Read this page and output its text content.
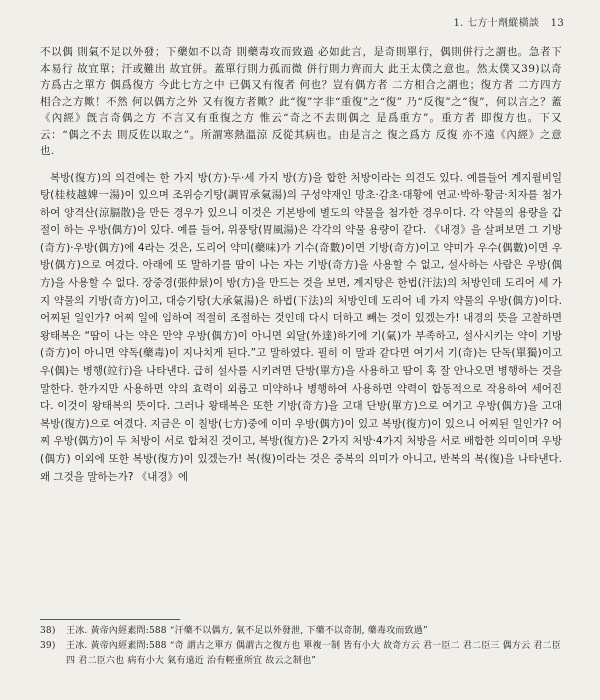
1. 七方十劑縱橫談 13

不以偶 則氣不足以外發；下藥如不以奇 則藥毒攻而致過 必如此言，是奇則單行，偶則併行之謂也。急者下 本易行 故宜單；汗或難出 故宜併。蓋單行則力孤而微 併行則力齊而大 此王太僕之意也。然太僕又39)以奇方爲古之單方 偶爲復方 今此七方之中 已偶又有復者 何也？豈有偶方者 二方相合之謂也；復方者 二方四方相合之方歟！不然 何以偶方之外 又有復方者歟？此“復”字非“重復”之“復” 乃“反復”之“復”，何以言之？蓋《內經》旣言奇偶之方 不言又有重復之方 惟云“奇之不去則偶之 是爲重方”。重方者 即復方也。下又云：“偶之不去 則反佐以取之”。所謂寒熱溫涼 反從其病也。由是言之 復之爲方 反復 亦不遠《內經》之意也.

복방(復方)의 의견에는 한 가지 방(方)·두·세 가지 방(方)을 합한 처방이라는 의견도 있다. 예를들어 계지월비일탕(桂枝越婢一湯)이 있으며 조위승기탕(調胃承氣湯)의 구성약재인 망초·감초·대황에 연교·박하·황금·치자를 첨가하여 양격산(涼膈散)을 만든 경우가 있으니 이것은 기본방에 별도의 약물을 첨가한 경우이다. 각 약물의 용량을 갑절이 하는 우방(偶方)이 있다. 예를 들어, 위풍탕(胃風湯)은 각각의 약물 용량이 같다. 《내경》을 살펴보면 그 기방(奇方)·우방(偶方)에 4라는 것은, 도리어 약미(藥味)가 기수(奇數)이면 기방(奇方)이고 약미가 우수(偶數)이면 우방(偶方)으로 여겼다. 아래에 또 말하기를 땀이 나는 자는 기방(奇方)을 사용할 수 없고, 설사하는 사람은 우방(偶方)을 사용할 수 없다. 장중경(張仲景)이 방(方)을 만드는 것을 보면, 계지탕은 한법(汗法)의 처방인데 도리어 세 가지 약물의 기방(奇方)이고, 대승기탕(大承氣湯)은 하법(下法)의 처방인데 도리어 네 가지 약물의 우방(偶方)이다. 어찌된 일인가? 어찌 일에 임하여 적절히 조절하는 것인데 다시 더하고 빼는 것이 있겠는가! 내경의 뜻을 고찰하면 왕태복은 “땀이 나는 약은 만약 우방(偶方)이 아니면 외달(外達)하기에 기(氣)가 부족하고, 설사시키는 약이 기방(奇方)이 아니면 약독(藥毒)이 지나치게 된다.”고 말하였다. 필히 이 말과 같다면 여기서 기(奇)는 단독(單獨)이고 우(偶)는 병행(竝行)을 나타낸다. 급히 설사를 시키려면 단방(單方)을 사용하고 땀이 혹 잘 안나오면 병행하는 것을 말한다. 한가지만 사용하면 약의 효력이 외롭고 미약하나 병행하여 사용하면 약력이 합동적으로 작용하여 세어진다. 이것이 왕태복의 뜻이다. 그러나 왕태복은 또한 기방(奇方)을 고대 단방(單方)으로 여기고 우방(偶方)을 고대 복방(復方)으로 여겼다. 지금은 이 칠방(七方)중에 이미 우방(偶方)이 있고 복방(復方)이 있으니 어찌된 일인가? 어찌 우방(偶方)이 두 처방이 서로 합쳐진 것이고, 복방(復方)은 2가지 처방·4가지 처방을 서로 배합한 의미이며 우방(偶方) 이외에 또한 복방(復方)이 있겠는가! 복(復)이라는 것은 중복의 의미가 아니고, 반복의 복(復)을 나타낸다. 왜 그것을 말하는가? 《내경》에

38)	王冰. 黃帝內經素問:588 “汗藥不以偶方, 氣不足以外發泄, 下藥不以奇制, 藥毒攻而致過”

39)	王冰. 黃帝內經素問:588 “奇 謂古之單方 偶謂古之復方也 單複一制 皆有小大 故奇方云 君一臣二 君二臣三 偶方云 君二臣四 君二臣六也 病有小大 氣有遠近 治有輕重所宜 故云之制也”
